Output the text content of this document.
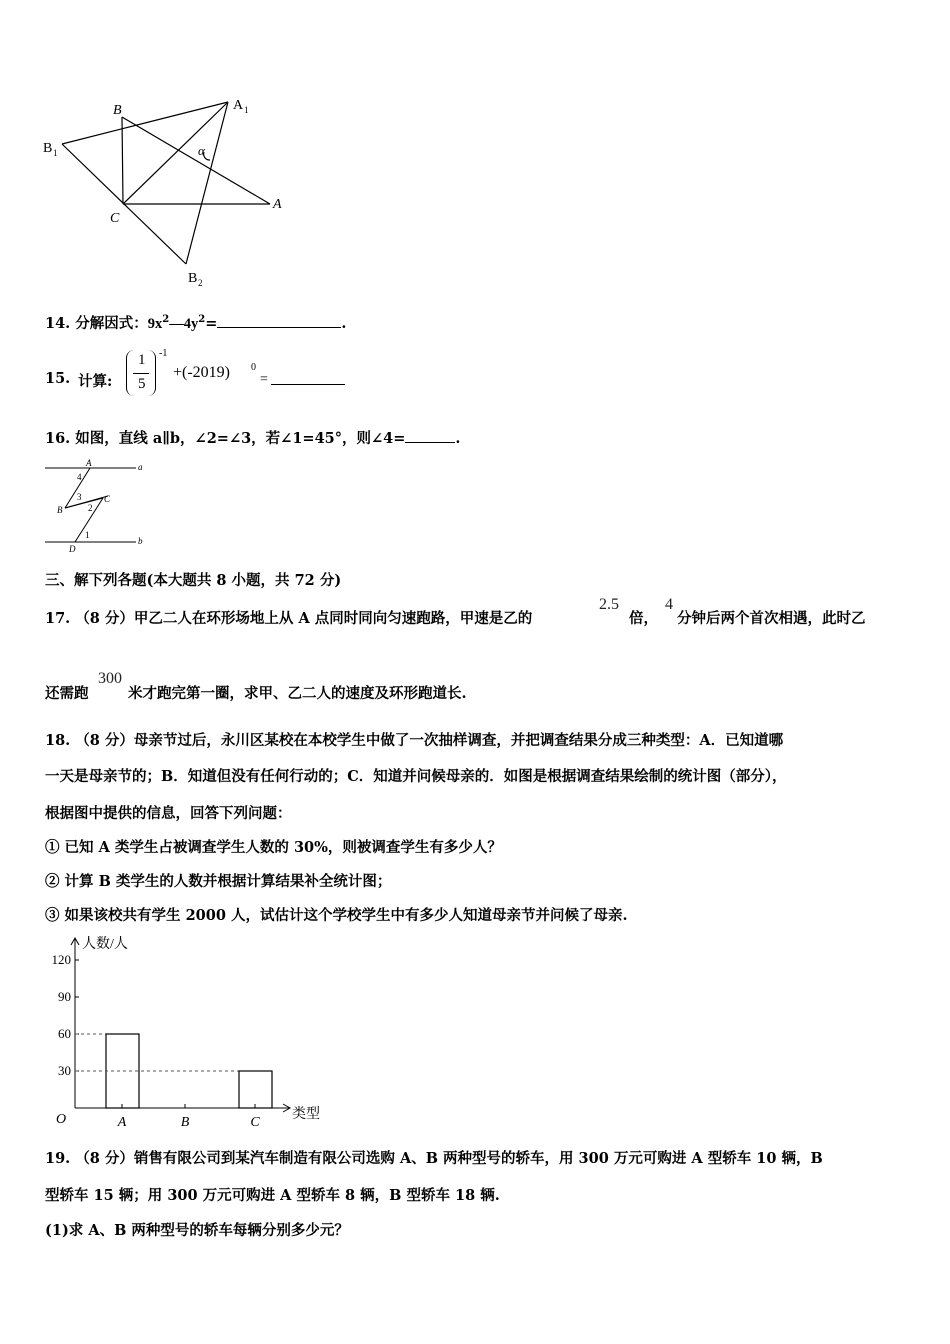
B	A 1
B 1	α
C
A
B 2
14. 分解因式：$9x^2—4y^2=$	.
15. 计算:
1
5
-1
+(-2019) 0
=
16. 如图，直线 a∥b，∠2=∠3，若∠1=45°，则∠4=	.
A	a
4
3	C
B	2
1
D
b
三、解下列各题(本大题共 8 小题，共 72 分)
17. （8 分）甲乙二人在环形场地上从 A 点同时同向匀速跑路，甲速是乙的
2.5
倍，
4
分钟后两个首次相遇，此时乙
还需跑
300
米才跑完第一圈，求甲、乙二人的速度及环形跑道长.
18. （8 分）母亲节过后，永川区某校在本校学生中做了一次抽样调查，并把调查结果分成三种类型：A．已知道哪
一天是母亲节的；B．知道但没有任何行动的；C．知道并问候母亲的．如图是根据调查结果绘制的统计图（部分），
根据图中提供的信息，回答下列问题：
① 已知 A 类学生占被调查学生人数的 30%，则被调查学生有多少人？
② 计算 B 类学生的人数并根据计算结果补全统计图；
③ 如果该校共有学生 2000 人，试估计这个学校学生中有多少人知道母亲节并问候了母亲.
120
90
60
30
A	B	C
人数/人
类型
O
19. （8 分）销售有限公司到某汽车制造有限公司选购 A、B 两种型号的轿车，用 300 万元可购进 A 型轿车 10 辆，B
型轿车 15 辆；用 300 万元可购进 A 型轿车 8 辆，B 型轿车 18 辆.
(1)求 A、B 两种型号的轿车每辆分别多少元？
